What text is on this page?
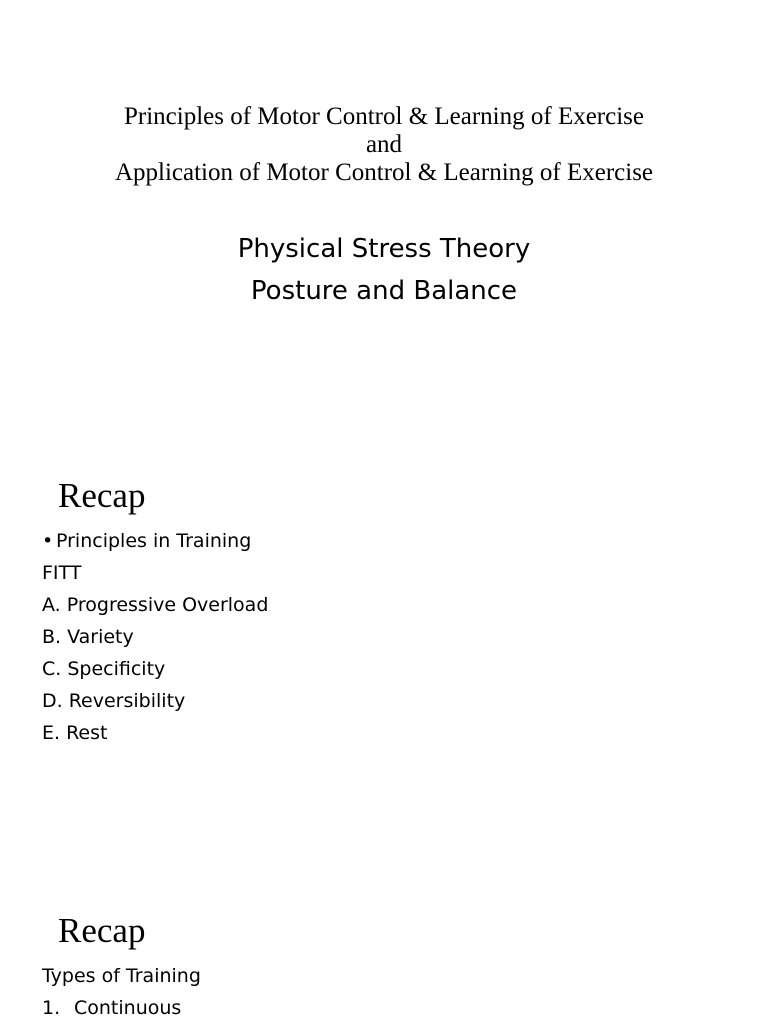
Principles of Motor Control & Learning of Exercise
and
Application of Motor Control & Learning of Exercise
Physical Stress Theory
Posture and Balance
Recap
• Principles in Training
FITT
A. Progressive Overload
B. Variety
C. Specificity
D. Reversibility
E. Rest
Recap
Types of Training
1. Continuous
